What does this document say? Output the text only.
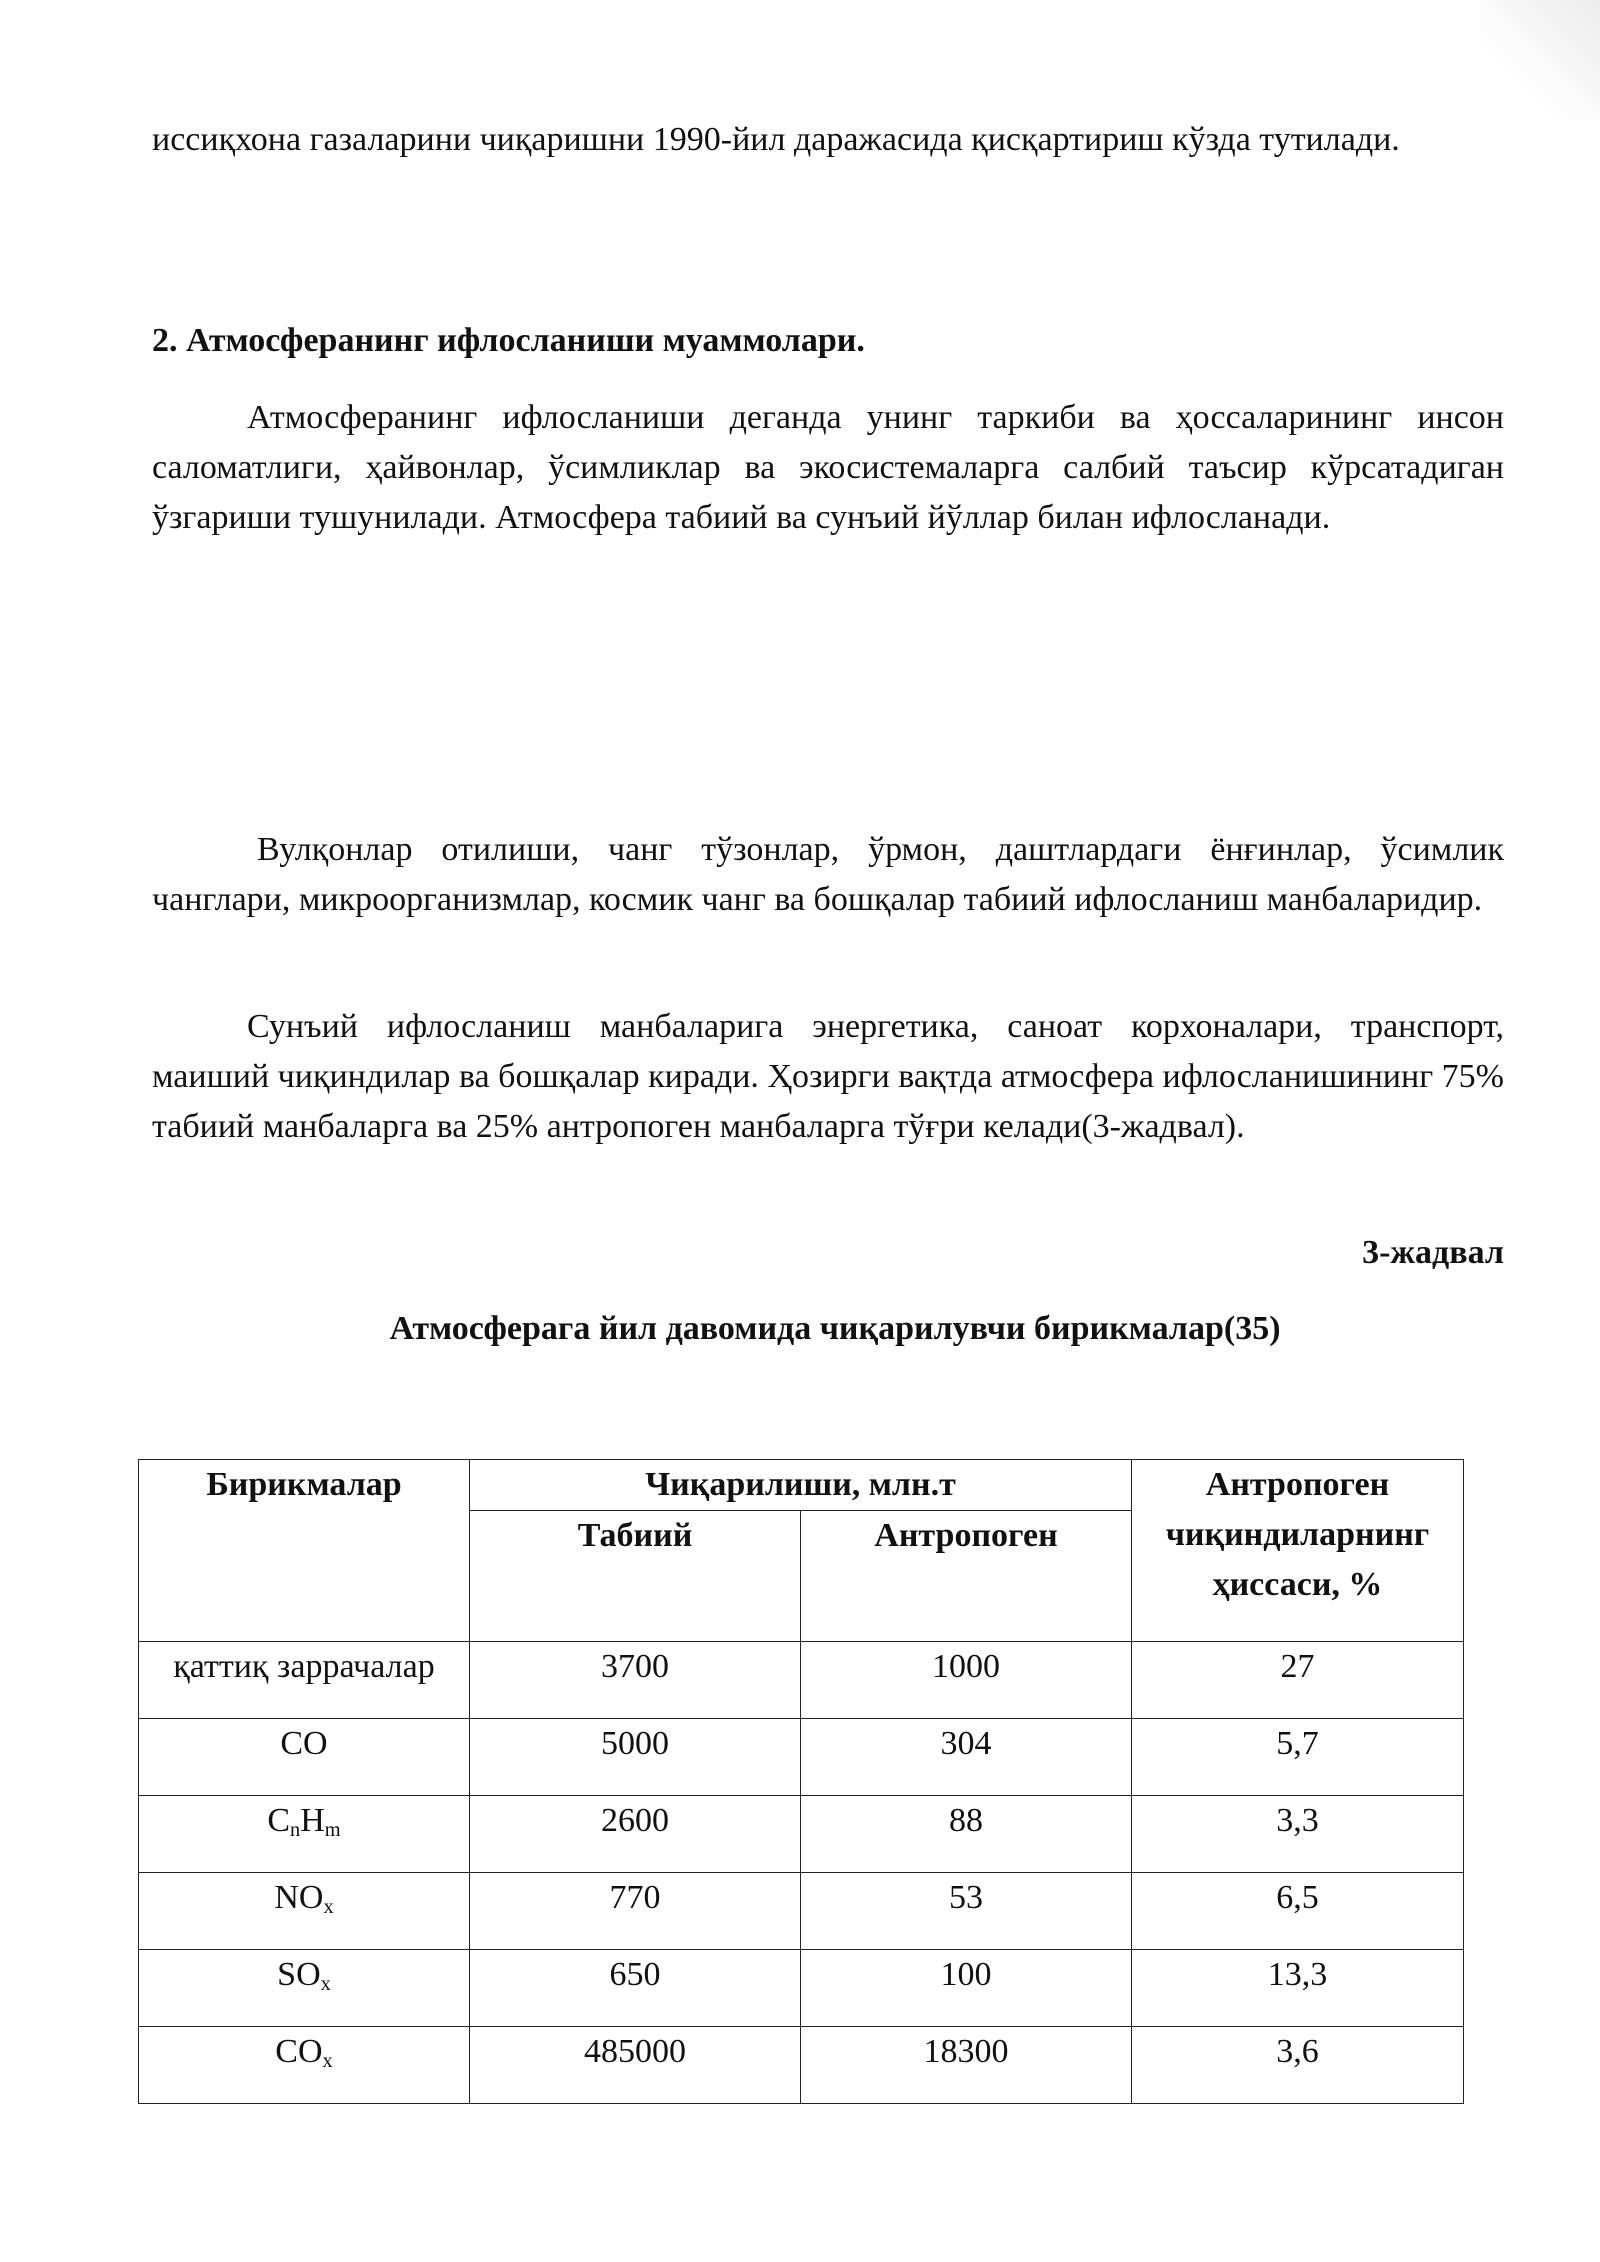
иссиқхона газаларини чиқаришни 1990-йил даражасида қисқартириш кўзда тутилади.

2. Атмосферанинг ифлосланиши муаммолари.

Атмосферанинг ифлосланиши деганда унинг таркиби ва ҳоссаларининг инсон саломатлиги, ҳайвонлар, ўсимликлар ва экосистемаларга салбий таъсир кўрсатадиган ўзгариши тушунилади. Атмосфера табиий ва сунъий йўллар билан ифлосланади.

Вулқонлар отилиши, чанг тўзонлар, ўрмон, даштлардаги ёнғинлар, ўсимлик чанглари, микроорганизмлар, космик чанг ва бошқалар табиий ифлосланиш манбаларидир.

Сунъий ифлосланиш манбаларига энергетика, саноат корхоналари, транспорт, маиший чиқиндилар ва бошқалар киради. Ҳозирги вақтда атмосфера ифлосланишининг 75% табиий манбаларга ва 25% антропоген манбаларга тўғри келади(3-жадвал).

3-жадвал

Атмосферага йил давомида чиқарилувчи бирикмалар(35)

Бирикмалар	Чиқарилиши, млн.т		Антропоген чиқиндиларнинг ҳиссаси, %
	Табиий	Антропоген	
қаттиқ заррачалар	3700	1000	27
CO	5000	304	5,7
$C_nH_m$	2600	88	3,3
$NO_x$	770	53	6,5
$SO_x$	650	100	13,3
$CO_x$	485000	18300	3,6
